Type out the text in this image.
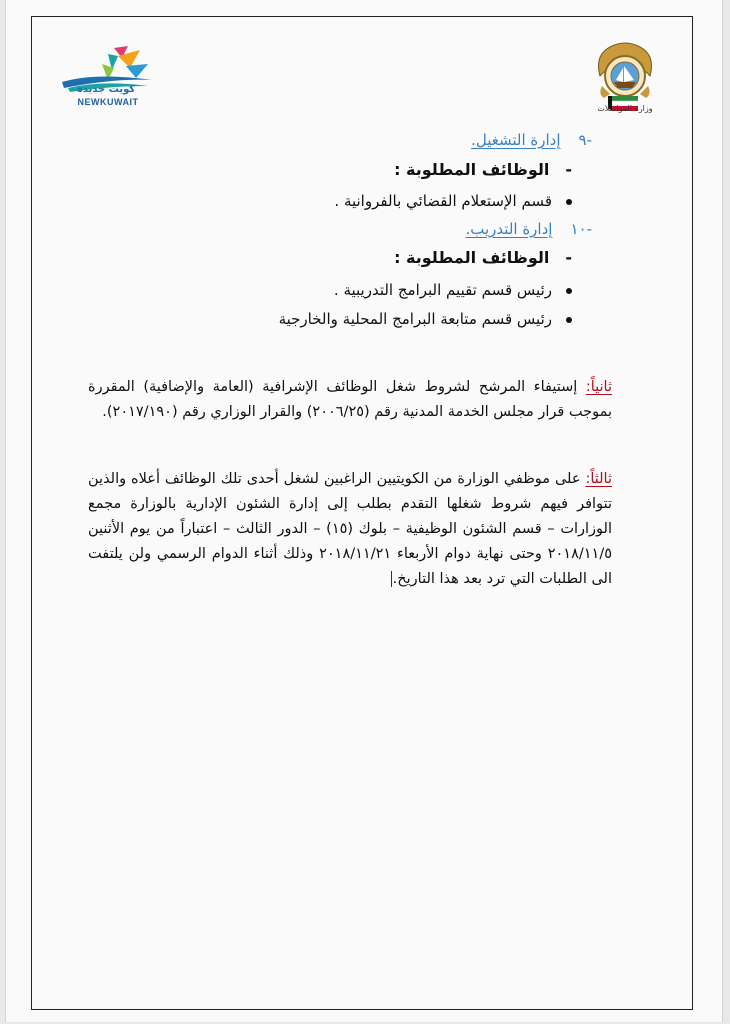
كويت جديدة
NEWKUWAIT
وزارة المواصلات
-٩إدارة التشغيل.
-الوظائف المطلوبة :
قسم الإستعلام القضائي بالفروانية .
-١٠إدارة التدريب.
-الوظائف المطلوبة :
رئيس قسم تقييم البرامج التدريبية .
رئيس قسم متابعة البرامج المحلية والخارجية
ثانياً: إستيفاء المرشح لشروط شغل الوظائف الإشرافية (العامة والإضافية) المقررة بموجب قرار مجلس الخدمة المدنية رقم (٢٠٠٦/٢٥) والقرار الوزاري رقم (٢٠١٧/١٩٠).
ثالثاً: على موظفي الوزارة من الكويتيين الراغبين لشغل أحدى تلك الوظائف أعلاه والذين تتوافر فيهم شروط شغلها التقدم بطلب إلى إدارة الشئون الإدارية بالوزارة مجمع الوزارات – قسم الشئون الوظيفية – بلوك (١٥) – الدور الثالث – اعتباراً من يوم الأثنين ٢٠١٨/١١/٥ وحتى نهاية دوام الأربعاء ٢٠١٨/١١/٢١ وذلك أثناء الدوام الرسمي ولن يلتفت الى الطلبات التي ترد بعد هذا التاريخ.
